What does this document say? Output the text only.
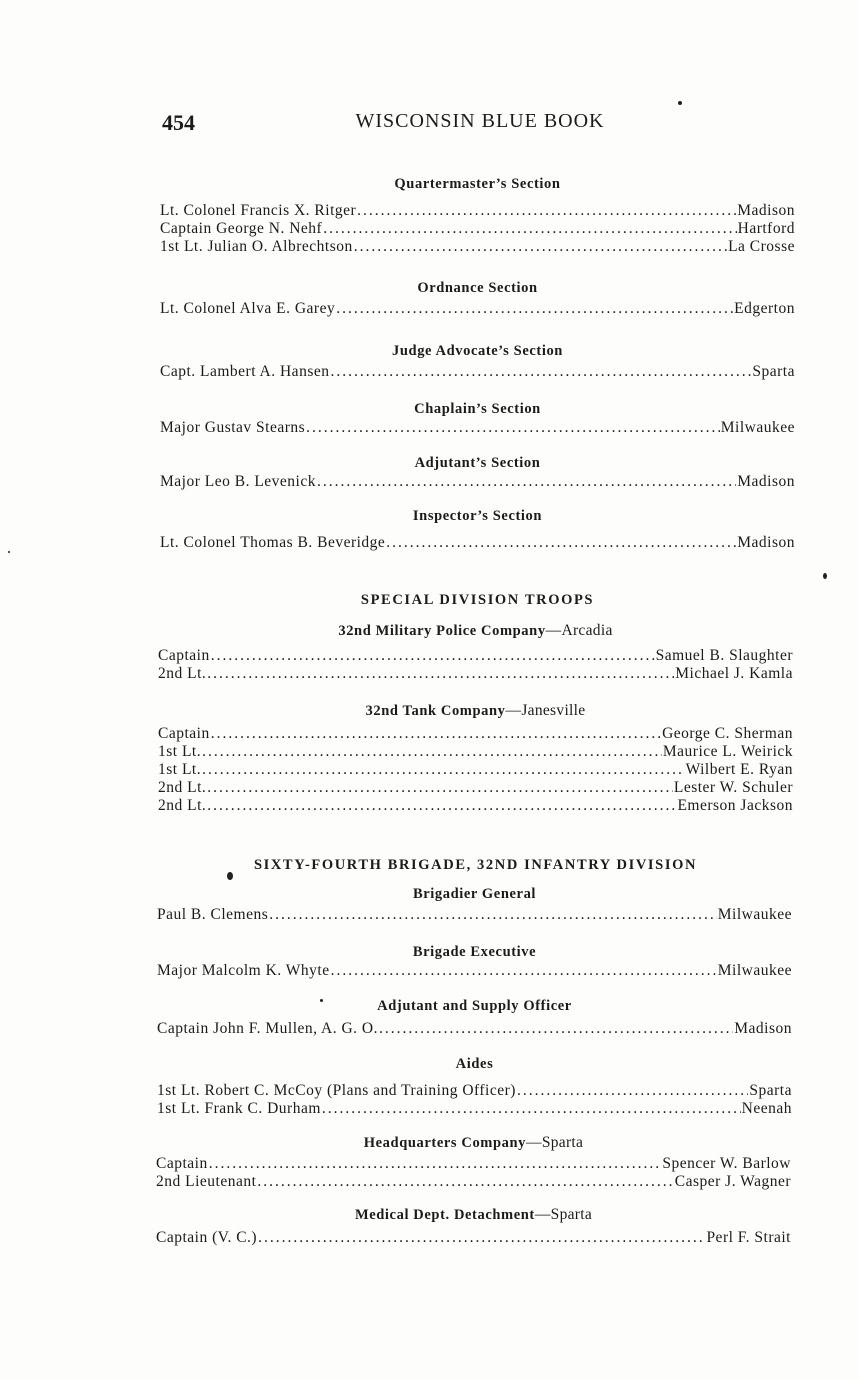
454	WISCONSIN BLUE BOOK
Quartermaster’s Section
Lt. Colonel Francis X. Ritger .....	Madison
Captain George N. Nehf .....	Hartford
1st Lt. Julian O. Albrechtson .....	La Crosse
Ordnance Section
Lt. Colonel Alva E. Garey .....	Edgerton
Judge Advocate’s Section
Capt. Lambert A. Hansen .....	Sparta
Chaplain’s Section
Major Gustav Stearns .....	Milwaukee
Adjutant’s Section
Major Leo B. Levenick .....	Madison
Inspector’s Section
Lt. Colonel Thomas B. Beveridge .....	Madison
SPECIAL DIVISION TROOPS
32nd Military Police Company—Arcadia
Captain .....	Samuel B. Slaughter
2nd Lt. .....	Michael J. Kamla
32nd Tank Company—Janesville
Captain .....	George C. Sherman
1st Lt. .....	Maurice L. Weirick
1st Lt. .....	Wilbert E. Ryan
2nd Lt. .....	Lester W. Schuler
2nd Lt. .....	Emerson Jackson
SIXTY-FOURTH BRIGADE, 32ND INFANTRY DIVISION
Brigadier General
Paul B. Clemens .....	Milwaukee
Brigade Executive
Major Malcolm K. Whyte .....	Milwaukee
Adjutant and Supply Officer
Captain John F. Mullen, A. G. O. .....	Madison
Aides
1st Lt. Robert C. McCoy (Plans and Training Officer) .....	Sparta
1st Lt. Frank C. Durham .....	Neenah
Headquarters Company—Sparta
Captain .....	Spencer W. Barlow
2nd Lieutenant .....	Casper J. Wagner
Medical Dept. Detachment—Sparta
Captain (V. C.) .....	Perl F. Strait
